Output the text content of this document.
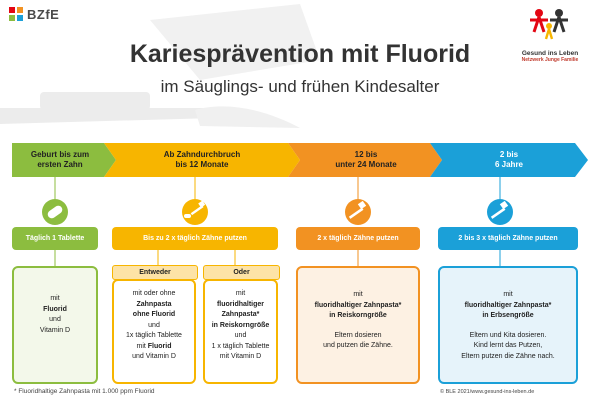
BZfE
Gesund ins Leben
Netzwerk Junge Familie
Kariesprävention mit Fluorid
im Säuglings- und frühen Kindesalter
Geburt bis zum
ersten Zahn
Ab Zahndurchbruch
bis 12 Monate
12 bis
unter 24 Monate
2 bis
6 Jahre
Täglich 1 Tablette	Bis zu 2 x täglich Zähne putzen	2 x täglich Zähne putzen	2 bis 3 x täglich Zähne putzen
Entweder	Oder
mit
Fluorid
und
Vitamin D
mit oder ohne
Zahnpasta
ohne Fluorid
und
1x täglich Tablette
mit Fluorid
und Vitamin D
mit
fluoridhaltiger
Zahnpasta*
in Reiskorngröße
und
1 x täglich Tablette
mit Vitamin D
mit
fluoridhaltiger Zahnpasta*
in Reiskorngröße
Eltern dosieren
und putzen die Zähne.
mit
fluoridhaltiger Zahnpasta*
in Erbsengröße
Eltern und Kita dosieren.
Kind lernt das Putzen,
Eltern putzen die Zähne nach.
* Fluoridhaltige Zahnpasta mit 1.000 ppm Fluorid	© BLE 2021/www.gesund-ins-leben.de
